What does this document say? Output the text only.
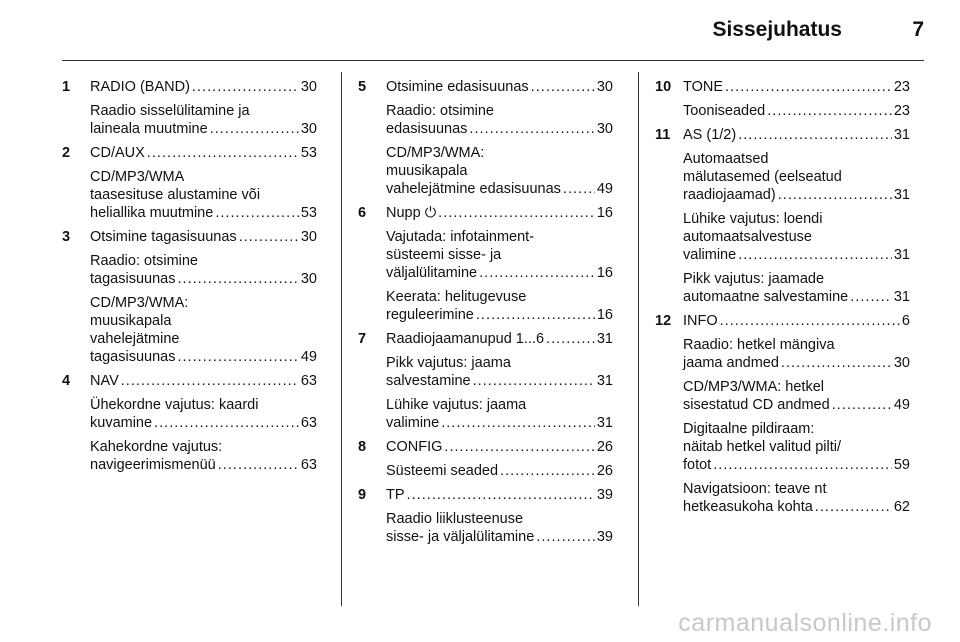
Sissejuhatus	7
1	RADIO (BAND) . . .	30
Raadio sisselülitamine ja
laineala muutmine . . .	30
2	CD/AUX . . .	53
CD/MP3/WMA
taasesituse alustamine või
heliallika muutmine . . .	53
3	Otsimine tagasisuunas . . .	30
Raadio: otsimine
tagasisuunas . . .	30
CD/MP3/WMA:
muusikapala
vahelejätmine
tagasisuunas . . .	49
4	NAV . . .	63
Ühekordne vajutus: kaardi
kuvamine . . .	63
Kahekordne vajutus:
navigeerimismenüü . . .	63
5	Otsimine edasisuunas . . .	30
Raadio: otsimine
edasisuunas . . .	30
CD/MP3/WMA:
muusikapala
vahelejätmine edasisuunas . . . 49
6	Nupp ⏻ . . .	16
Vajutada: infotainment-
süsteemi sisse- ja
väljalülitamine . . .	16
Keerata: helitugevuse
reguleerimine . . .	16
7	Raadiojaamanupud 1...6 . . .	31
Pikk vajutus: jaama
salvestamine . . .	31
Lühike vajutus: jaama
valimine . . .	31
8	CONFIG . . .	26
Süsteemi seaded . . .	26
9	TP . . .	39
Raadio liiklusteenuse
sisse- ja väljalülitamine . . .	39
10 TONE . . .	23
Tooniseaded . . .	23
11 AS (1/2) . . .	31
Automaatsed
mälutasemed (eelseatud
raadiojaamad) . . .	31
Lühike vajutus: loendi
automaatsalvestuse
valimine . . .	31
Pikk vajutus: jaamade
automaatne salvestamine . . .	31
12 INFO . . .	6
Raadio: hetkel mängiva
jaama andmed . . .	30
CD/MP3/WMA: hetkel
sisestatud CD andmed . . .	49
Digitaalne pildiraam:
näitab hetkel valitud pilti/
fotot . . .	59
Navigatsioon: teave nt
hetkeasukoha kohta . . .	62
carmanualsonline.info
